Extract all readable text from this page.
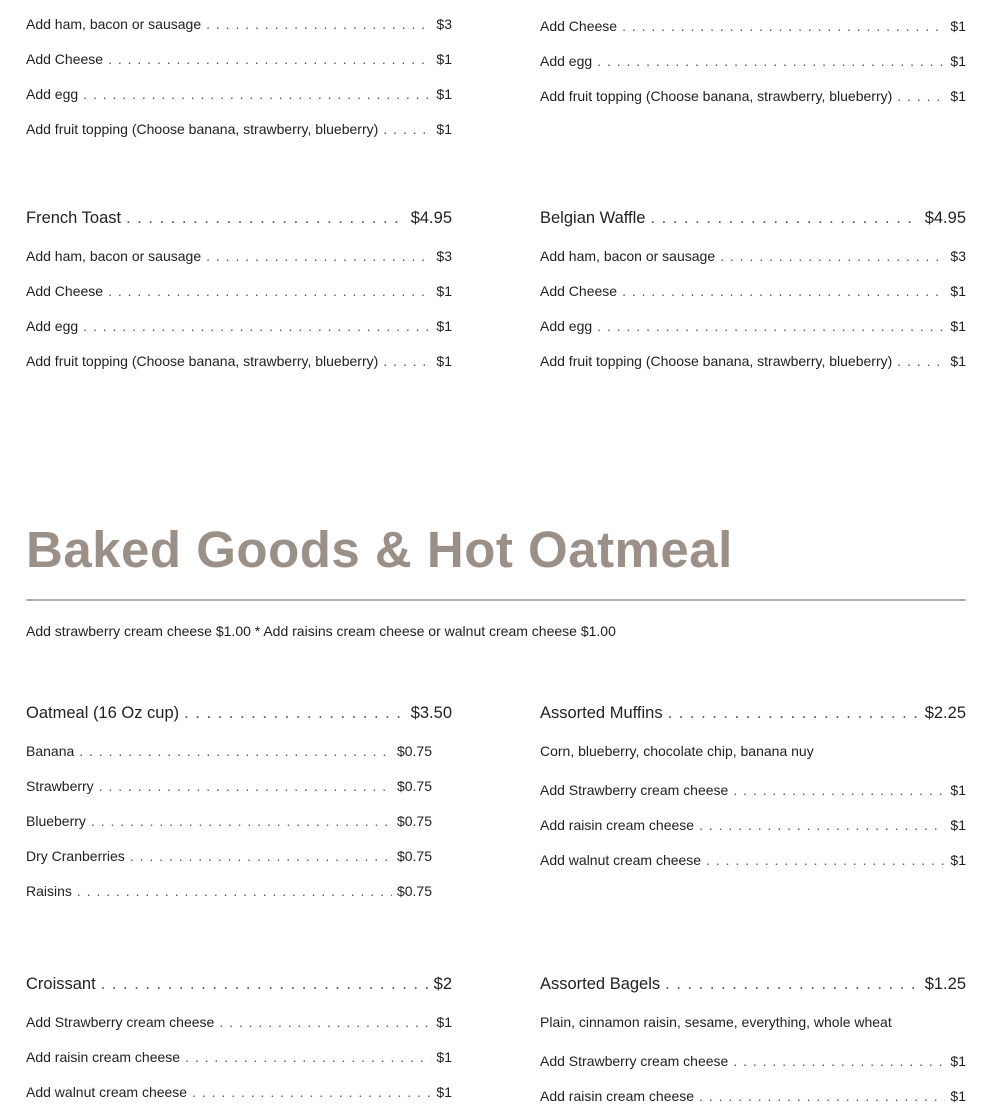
Add ham, bacon or sausage . . .	$3
Add Cheese . . .	$1
Add egg . . .	$1
Add fruit topping (Choose banana, strawberry, blueberry) . . .	$1
Add Cheese . . .	$1
Add egg . . .	$1
Add fruit topping (Choose banana, strawberry, blueberry) . . .	$1
French Toast . . .	$4.95
Add ham, bacon or sausage . . .	$3
Add Cheese . . .	$1
Add egg . . .	$1
Add fruit topping (Choose banana, strawberry, blueberry) . . .	$1
Belgian Waffle . . .	$4.95
Add ham, bacon or sausage . . .	$3
Add Cheese . . .	$1
Add egg . . .	$1
Add fruit topping (Choose banana, strawberry, blueberry) . . .	$1
Baked Goods & Hot Oatmeal
Add strawberry cream cheese $1.00 * Add raisins cream cheese or walnut cream cheese $1.00
Oatmeal (16 Oz cup) . . .	$3.50
Banana . . .	$0.75
Strawberry . . .	$0.75
Blueberry . . .	$0.75
Dry Cranberries . . .	$0.75
Raisins . . .	$0.75
Assorted Muffins . . .	$2.25
Corn, blueberry, chocolate chip, banana nuy
Add Strawberry cream cheese . . .	$1
Add raisin cream cheese . . .	$1
Add walnut cream cheese . . .	$1
Croissant . . .	$2
Add Strawberry cream cheese . . .	$1
Add raisin cream cheese . . .	$1
Add walnut cream cheese . . .	$1
Assorted Bagels . . .	$1.25
Plain, cinnamon raisin, sesame, everything, whole wheat
Add Strawberry cream cheese . . .	$1
Add raisin cream cheese . . .	$1
